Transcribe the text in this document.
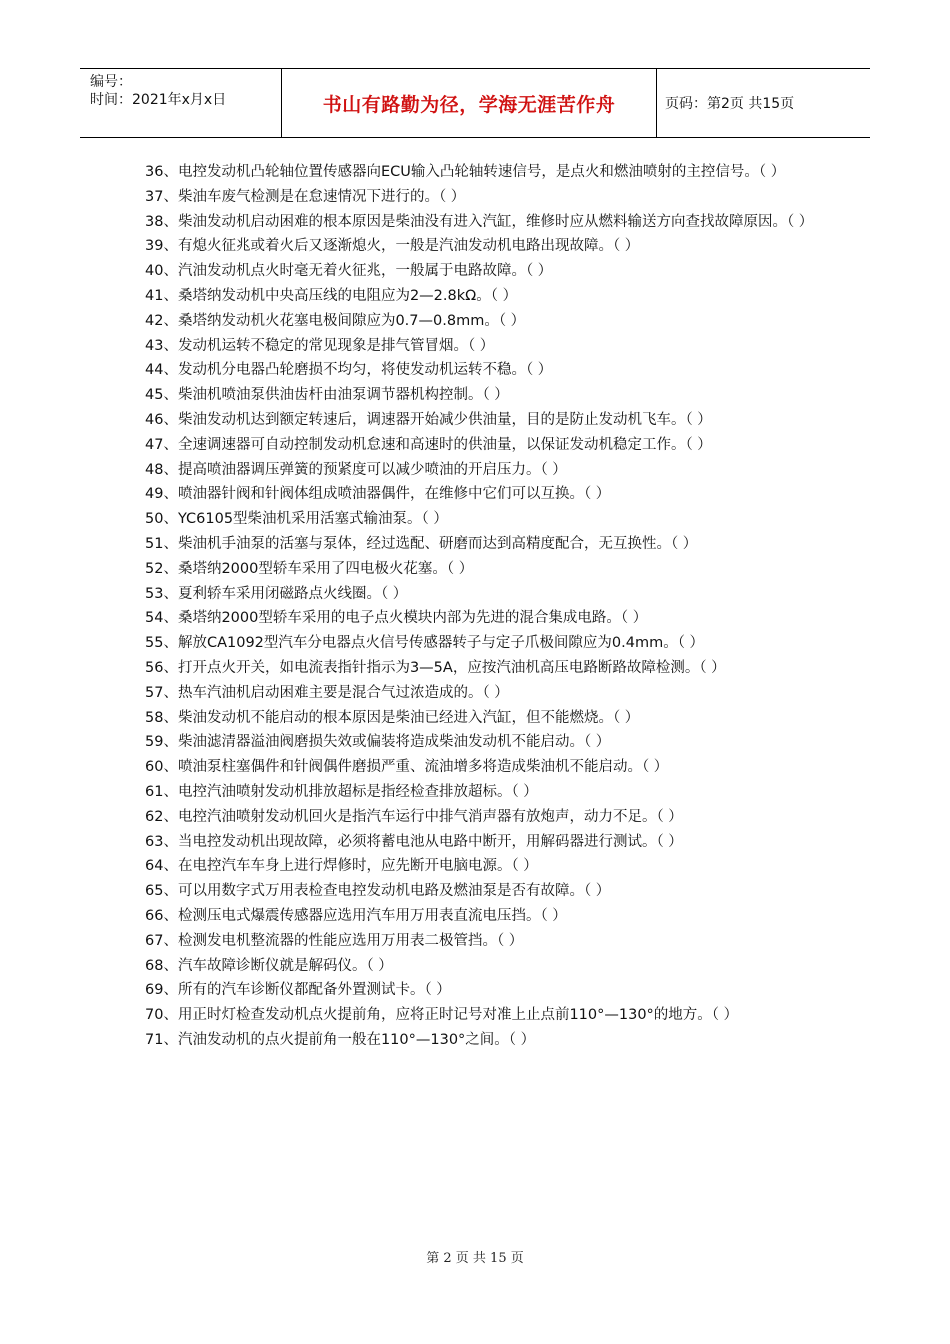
编号：
时间：2021年x月x日	书山有路勤为径，学海无涯苦作舟	页码：第2页 共15页

36、电控发动机凸轮轴位置传感器向ECU输入凸轮轴转速信号，是点火和燃油喷射的主控信号。（ ）

37、柴油车废气检测是在怠速情况下进行的。（ ）

38、柴油发动机启动困难的根本原因是柴油没有进入汽缸，维修时应从燃料输送方向查找故障原因。（ ）

39、有熄火征兆或着火后又逐渐熄火，一般是汽油发动机电路出现故障。（ ）

40、汽油发动机点火时毫无着火征兆，一般属于电路故障。（ ）

41、桑塔纳发动机中央高压线的电阻应为2—2.8kΩ。（ ）

42、桑塔纳发动机火花塞电极间隙应为0.7—0.8mm。（ ）

43、发动机运转不稳定的常见现象是排气管冒烟。（ ）

44、发动机分电器凸轮磨损不均匀，将使发动机运转不稳。（ ）

45、柴油机喷油泵供油齿杆由油泵调节器机构控制。（ ）

46、柴油发动机达到额定转速后，调速器开始减少供油量，目的是防止发动机飞车。（ ）

47、全速调速器可自动控制发动机怠速和高速时的供油量，以保证发动机稳定工作。（ ）

48、提高喷油器调压弹簧的预紧度可以减少喷油的开启压力。（ ）

49、喷油器针阀和针阀体组成喷油器偶件，在维修中它们可以互换。（ ）

50、YC6105型柴油机采用活塞式输油泵。（ ）

51、柴油机手油泵的活塞与泵体，经过选配、研磨而达到高精度配合，无互换性。（ ）

52、桑塔纳2000型轿车采用了四电极火花塞。（ ）

53、夏利轿车采用闭磁路点火线圈。（ ）

54、桑塔纳2000型轿车采用的电子点火模块内部为先进的混合集成电路。（ ）

55、解放CA1092型汽车分电器点火信号传感器转子与定子爪极间隙应为0.4mm。（ ）

56、打开点火开关，如电流表指针指示为3—5A，应按汽油机高压电路断路故障检测。（ ）

57、热车汽油机启动困难主要是混合气过浓造成的。（ ）

58、柴油发动机不能启动的根本原因是柴油已经进入汽缸，但不能燃烧。（ ）

59、柴油滤清器溢油阀磨损失效或偏装将造成柴油发动机不能启动。（ ）

60、喷油泵柱塞偶件和针阀偶件磨损严重、流油增多将造成柴油机不能启动。（ ）

61、电控汽油喷射发动机排放超标是指经检查排放超标。（ ）

62、电控汽油喷射发动机回火是指汽车运行中排气消声器有放炮声，动力不足。（ ）

63、当电控发动机出现故障，必须将蓄电池从电路中断开，用解码器进行测试。（ ）

64、在电控汽车车身上进行焊修时，应先断开电脑电源。（ ）

65、可以用数字式万用表检查电控发动机电路及燃油泵是否有故障。（ ）

66、检测压电式爆震传感器应选用汽车用万用表直流电压挡。（ ）

67、检测发电机整流器的性能应选用万用表二极管挡。（ ）

68、汽车故障诊断仪就是解码仪。（ ）

69、所有的汽车诊断仪都配备外置测试卡。（ ）

70、用正时灯检查发动机点火提前角，应将正时记号对准上止点前110°—130°的地方。（ ）

71、汽油发动机的点火提前角一般在110°—130°之间。（ ）

第 2 页 共 15 页
